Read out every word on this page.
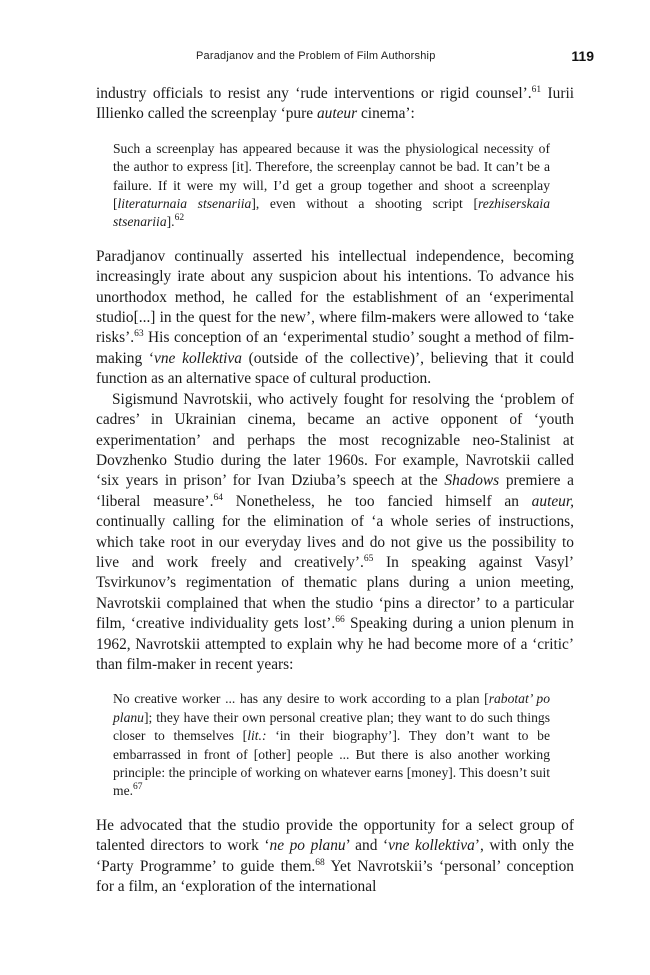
Paradjanov and the Problem of Film Authorship	119

industry officials to resist any ‘rude interventions or rigid counsel’.$^{61}$ Iurii Illienko called the screenplay ‘pure auteur cinema’:

Such a screenplay has appeared because it was the physiological necessity of the author to express [it]. Therefore, the screenplay cannot be bad. It can’t be a failure. If it were my will, I’d get a group together and shoot a screenplay [literaturnaia stsenariia], even without a shooting script [rezhiserskaia stsenariia].$^{62}$

Paradjanov continually asserted his intellectual independence, becoming increasingly irate about any suspicion about his intentions. To advance his unorthodox method, he called for the establishment of an ‘experimental studio[...] in the quest for the new’, where film-makers were allowed to ‘take risks’.$^{63}$ His conception of an ‘experimental studio’ sought a method of film-making ‘vne kollektiva (outside of the collective)’, believing that it could function as an alternative space of cultural production.

Sigismund Navrotskii, who actively fought for resolving the ‘problem of cadres’ in Ukrainian cinema, became an active opponent of ‘youth experimentation’ and perhaps the most recognizable neo-Stalinist at Dovzhenko Studio during the later 1960s. For example, Navrotskii called ‘six years in prison’ for Ivan Dziuba’s speech at the Shadows premiere a ‘liberal measure’.$^{64}$ Nonetheless, he too fancied himself an auteur, continually calling for the elimination of ‘a whole series of instructions, which take root in our everyday lives and do not give us the possibility to live and work freely and creatively’.$^{65}$ In speaking against Vasyl’ Tsvirkunov’s regimentation of thematic plans during a union meeting, Navrotskii complained that when the studio ‘pins a director’ to a particular film, ‘creative individuality gets lost’.$^{66}$ Speaking during a union plenum in 1962, Navrotskii attempted to explain why he had become more of a ‘critic’ than film-maker in recent years:

No creative worker ... has any desire to work according to a plan [rabotat’ po planu]; they have their own personal creative plan; they want to do such things closer to themselves [lit.: ‘in their biography’]. They don’t want to be embarrassed in front of [other] people ... But there is also another working principle: the principle of working on whatever earns [money]. This doesn’t suit me.$^{67}$

He advocated that the studio provide the opportunity for a select group of talented directors to work ‘ne po planu’ and ‘vne kollektiva’, with only the ‘Party Programme’ to guide them.$^{68}$ Yet Navrotskii’s ‘personal’ conception for a film, an ‘exploration of the international
